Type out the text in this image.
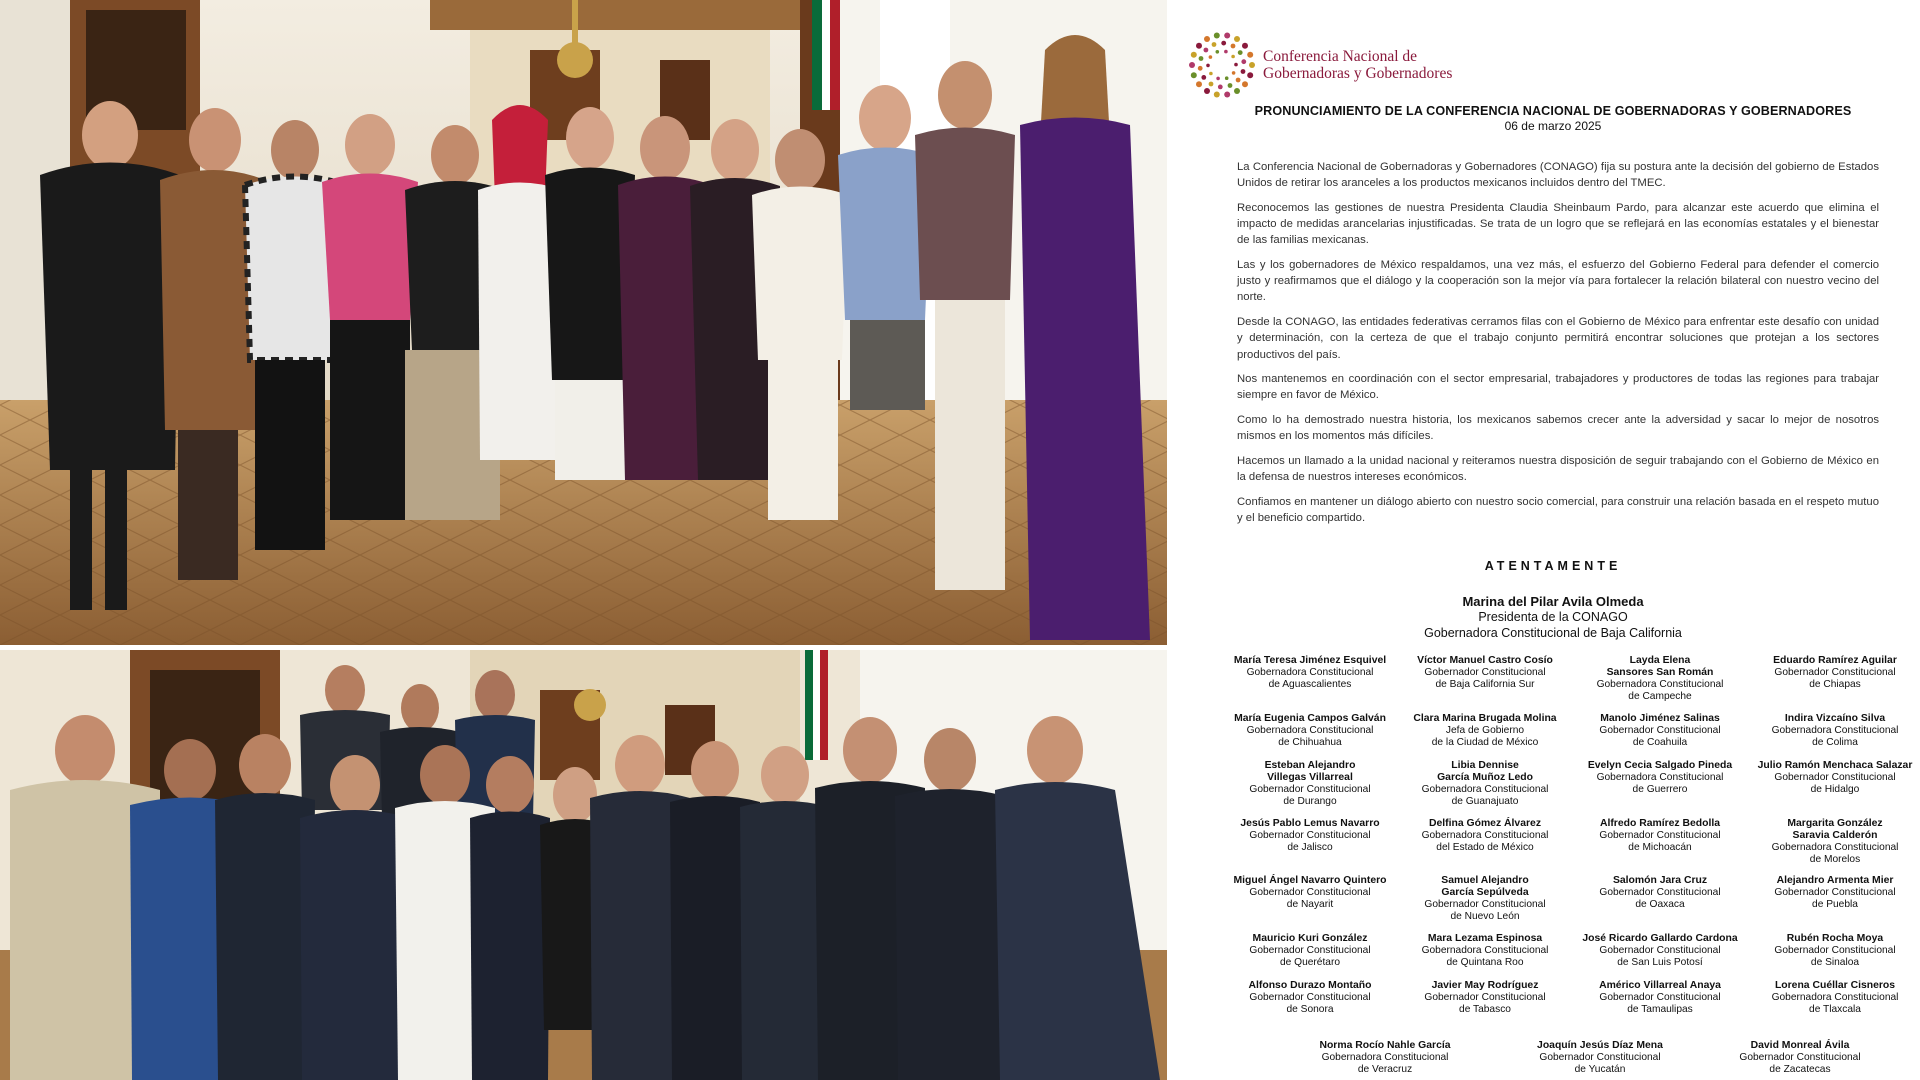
Conferencia Nacional de
Gobernadoras y Gobernadores
PRONUNCIAMIENTO DE LA CONFERENCIA NACIONAL DE GOBERNADORAS Y GOBERNADORES
06 de marzo 2025

La Conferencia Nacional de Gobernadoras y Gobernadores (CONAGO) fija su postura ante la decisión del gobierno de Estados Unidos de retirar los aranceles a los productos mexicanos incluidos dentro del TMEC.

Reconocemos las gestiones de nuestra Presidenta Claudia Sheinbaum Pardo, para alcanzar este acuerdo que elimina el impacto de medidas arancelarias injustificadas. Se trata de un logro que se reflejará en las economías estatales y el bienestar de las familias mexicanas.

Las y los gobernadores de México respaldamos, una vez más, el esfuerzo del Gobierno Federal para defender el comercio justo y reafirmamos que el diálogo y la cooperación son la mejor vía para fortalecer la relación bilateral con nuestro vecino del norte.

Desde la CONAGO, las entidades federativas cerramos filas con el Gobierno de México para enfrentar este desafío con unidad y determinación, con la certeza de que el trabajo conjunto permitirá encontrar soluciones que protejan a los sectores productivos del país.

Nos mantenemos en coordinación con el sector empresarial, trabajadores y productores de todas las regiones para trabajar siempre en favor de México.

Como lo ha demostrado nuestra historia, los mexicanos sabemos crecer ante la adversidad y sacar lo mejor de nosotros mismos en los momentos más difíciles.

Hacemos un llamado a la unidad nacional y reiteramos nuestra disposición de seguir trabajando con el Gobierno de México en la defensa de nuestros intereses económicos.

Confiamos en mantener un diálogo abierto con nuestro socio comercial, para construir una relación basada en el respeto mutuo y el beneficio compartido.

ATENTAMENTE
Marina del Pilar Avila Olmeda
Presidenta de la CONAGO
Gobernadora Constitucional de Baja California
María Teresa Jiménez Esquivel
Gobernadora Constitucional
de Aguascalientes
Víctor Manuel Castro Cosío
Gobernador Constitucional
de Baja California Sur
Layda Elena
Sansores San Román
Gobernadora Constitucional
de Campeche
Eduardo Ramírez Aguilar
Gobernador Constitucional
de Chiapas
María Eugenia Campos Galván
Gobernadora Constitucional
de Chihuahua
Clara Marina Brugada Molina
Jefa de Gobierno
de la Ciudad de México
Manolo Jiménez Salinas
Gobernador Constitucional
de Coahuila
Indira Vizcaíno Silva
Gobernadora Constitucional
de Colima
Esteban Alejandro
Villegas Villarreal
Gobernador Constitucional
de Durango
Libia Dennise
García Muñoz Ledo
Gobernadora Constitucional
de Guanajuato
Evelyn Cecia Salgado Pineda
Gobernadora Constitucional
de Guerrero
Julio Ramón Menchaca Salazar
Gobernador Constitucional
de Hidalgo
Jesús Pablo Lemus Navarro
Gobernador Constitucional
de Jalisco
Delfina Gómez Álvarez
Gobernadora Constitucional
del Estado de México
Alfredo Ramírez Bedolla
Gobernador Constitucional
de Michoacán
Margarita González
Saravia Calderón
Gobernadora Constitucional
de Morelos
Miguel Ángel Navarro Quintero
Gobernador Constitucional
de Nayarit
Samuel Alejandro
García Sepúlveda
Gobernador Constitucional
de Nuevo León
Salomón Jara Cruz
Gobernador Constitucional
de Oaxaca
Alejandro Armenta Mier
Gobernador Constitucional
de Puebla
Mauricio Kuri González
Gobernador Constitucional
de Querétaro
Mara Lezama Espinosa
Gobernadora Constitucional
de Quintana Roo
José Ricardo Gallardo Cardona
Gobernador Constitucional
de San Luis Potosí
Rubén Rocha Moya
Gobernador Constitucional
de Sinaloa
Alfonso Durazo Montaño
Gobernador Constitucional
de Sonora
Javier May Rodríguez
Gobernador Constitucional
de Tabasco
Américo Villarreal Anaya
Gobernador Constitucional
de Tamaulipas
Lorena Cuéllar Cisneros
Gobernadora Constitucional
de Tlaxcala
Norma Rocío Nahle García
Gobernadora Constitucional
de Veracruz
Joaquín Jesús Díaz Mena
Gobernador Constitucional
de Yucatán
David Monreal Ávila
Gobernador Constitucional
de Zacatecas
